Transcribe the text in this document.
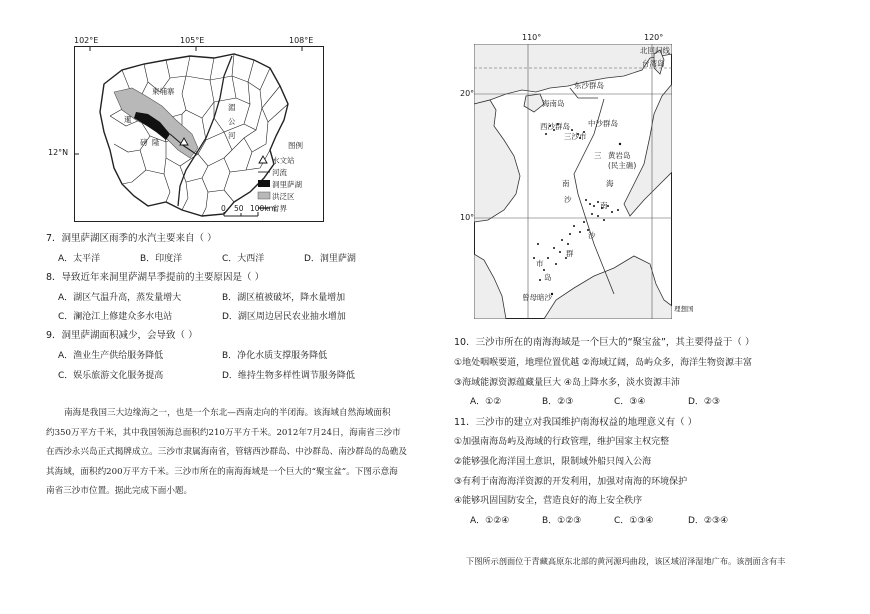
102°E	105°E	108°E
12°N
柬埔寨
湄
公
河
暹
磅 隆	图例
水文站
河流
洞里萨湖
洪泛区
省界
0 50 100km
7．洞里萨湖区雨季的水汽主要来自（ ）
A．太平洋	B．印度洋	C．大西洋	D．洞里萨湖
8．导致近年来洞里萨湖旱季提前的主要原因是（ ）
A．湖区气温升高，蒸发量增大	B．湖区植被破坏，降水量增加
C．澜沧江上修建众多水电站	D．湖区周边居民农业抽水增加
9．洞里萨湖面积减少，会导致（ ）
A．渔业生产供给服务降低	B．净化水质支撑服务降低
C．娱乐旅游文化服务提高	D．维持生物多样性调节服务降低
南海是我国三大边缘海之一，也是一个东北—西南走向的半闭海。该海域自然海域面积
约350万平方千米，其中我国领海总面积约210万平方千米。2012年7月24日，海南省三沙市
在西沙永兴岛正式揭牌成立。三沙市隶属海南省，管辖西沙群岛、中沙群岛、南沙群岛的岛礁及
其海域，面积约200万平方千米。三沙市所在的南海海域是一个巨大的“聚宝盆”。下图示意海
南省三沙市位置。据此完成下面小题。
110°	120°
20°
10°
北回归线
台湾岛
东沙群岛
海南岛
西沙群岛
三沙市
中沙群岛
三 黄岩岛
(民主礁)
南	海
沙
南
沙
群
市
岛
曾母暗沙
理想国
10．三沙市所在的南海海域是一个巨大的“聚宝盆”，其主要得益于（ ）
①地处咽喉要道，地理位置优越 ②海域辽阔，岛屿众多，海洋生物资源丰富
③海域能源资源蕴藏量巨大 ④岛上降水多，淡水资源丰沛
A．①②	B．②③	C．③④	D．②③
11．三沙市的建立对我国维护南海权益的地理意义有（ ）
①加强南海岛屿及海域的行政管理，维护国家主权完整
②能够强化海洋国土意识，限制域外船只闯入公海
③有利于南海海洋资源的开发利用，加强对南海的环境保护
④能够巩固国防安全，营造良好的海上安全秩序
A．①②④	B．①②③	C．①③④	D．②③④
下图所示剖面位于青藏高原东北部的黄河源玛曲段，该区域沼泽湿地广布。该剖面含有丰
